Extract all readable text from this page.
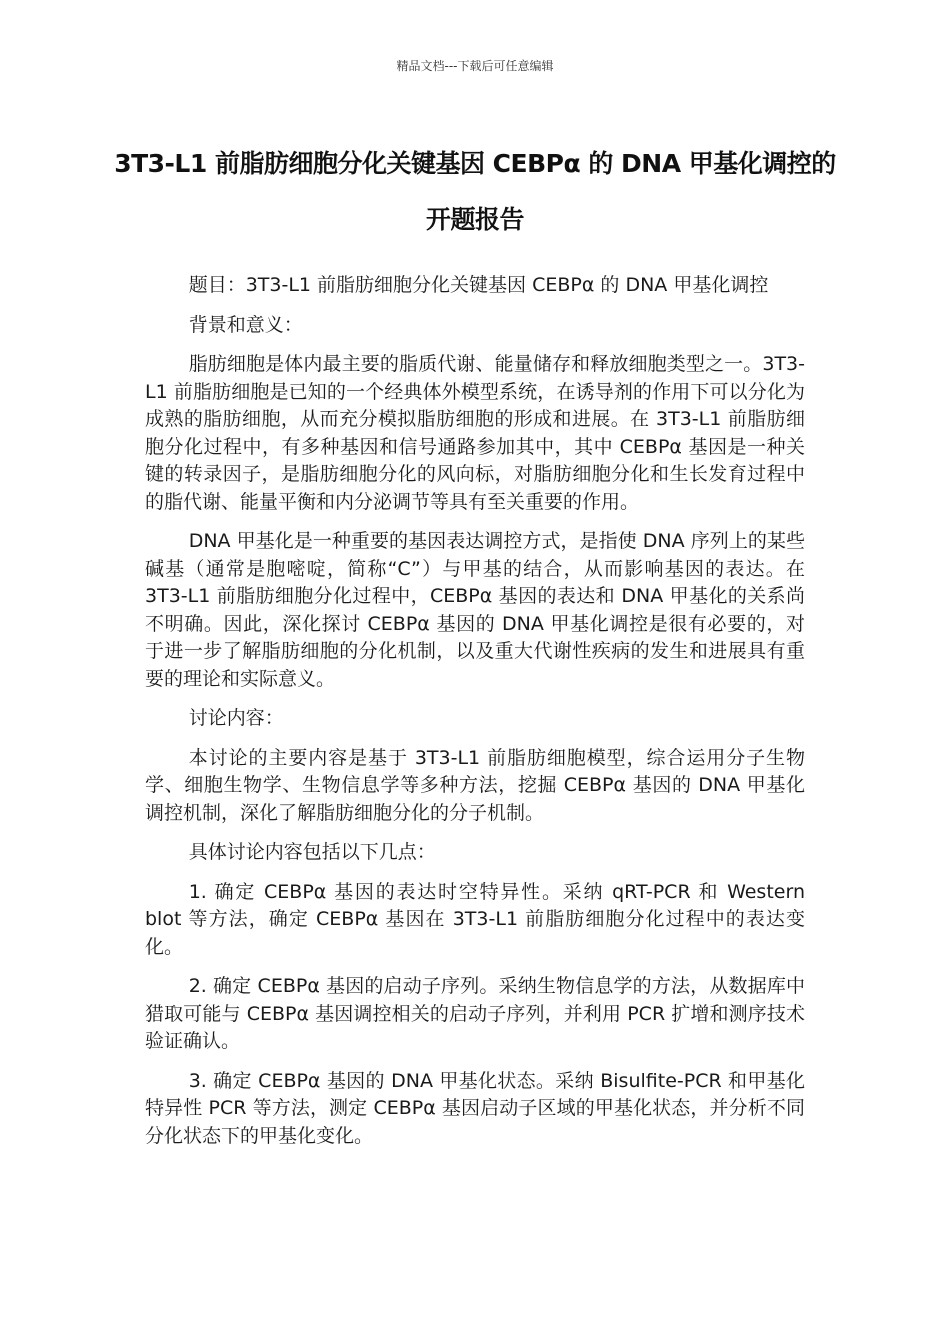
精品文档---下载后可任意编辑
3T3-L1 前脂肪细胞分化关键基因 CEBPα 的 DNA 甲基化调控的开题报告

题目：3T3-L1 前脂肪细胞分化关键基因 CEBPα 的 DNA 甲基化调控

背景和意义：

脂肪细胞是体内最主要的脂质代谢、能量储存和释放细胞类型之一。3T3-L1 前脂肪细胞是已知的一个经典体外模型系统，在诱导剂的作用下可以分化为成熟的脂肪细胞，从而充分模拟脂肪细胞的形成和进展。在 3T3-L1 前脂肪细胞分化过程中，有多种基因和信号通路参加其中，其中 CEBPα 基因是一种关键的转录因子，是脂肪细胞分化的风向标，对脂肪细胞分化和生长发育过程中的脂代谢、能量平衡和内分泌调节等具有至关重要的作用。

DNA 甲基化是一种重要的基因表达调控方式，是指使 DNA 序列上的某些碱基（通常是胞嘧啶，简称“C”）与甲基的结合，从而影响基因的表达。在 3T3-L1 前脂肪细胞分化过程中，CEBPα 基因的表达和 DNA 甲基化的关系尚不明确。因此，深化探讨 CEBPα 基因的 DNA 甲基化调控是很有必要的，对于进一步了解脂肪细胞的分化机制，以及重大代谢性疾病的发生和进展具有重要的理论和实际意义。

讨论内容：

本讨论的主要内容是基于 3T3-L1 前脂肪细胞模型，综合运用分子生物学、细胞生物学、生物信息学等多种方法，挖掘 CEBPα 基因的 DNA 甲基化调控机制，深化了解脂肪细胞分化的分子机制。

具体讨论内容包括以下几点：

1. 确定 CEBPα 基因的表达时空特异性。采纳 qRT-PCR 和 Western blot 等方法，确定 CEBPα 基因在 3T3-L1 前脂肪细胞分化过程中的表达变化。

2. 确定 CEBPα 基因的启动子序列。采纳生物信息学的方法，从数据库中猎取可能与 CEBPα 基因调控相关的启动子序列，并利用 PCR 扩增和测序技术验证确认。

3. 确定 CEBPα 基因的 DNA 甲基化状态。采纳 Bisulfite-PCR 和甲基化特异性 PCR 等方法，测定 CEBPα 基因启动子区域的甲基化状态，并分析不同分化状态下的甲基化变化。
